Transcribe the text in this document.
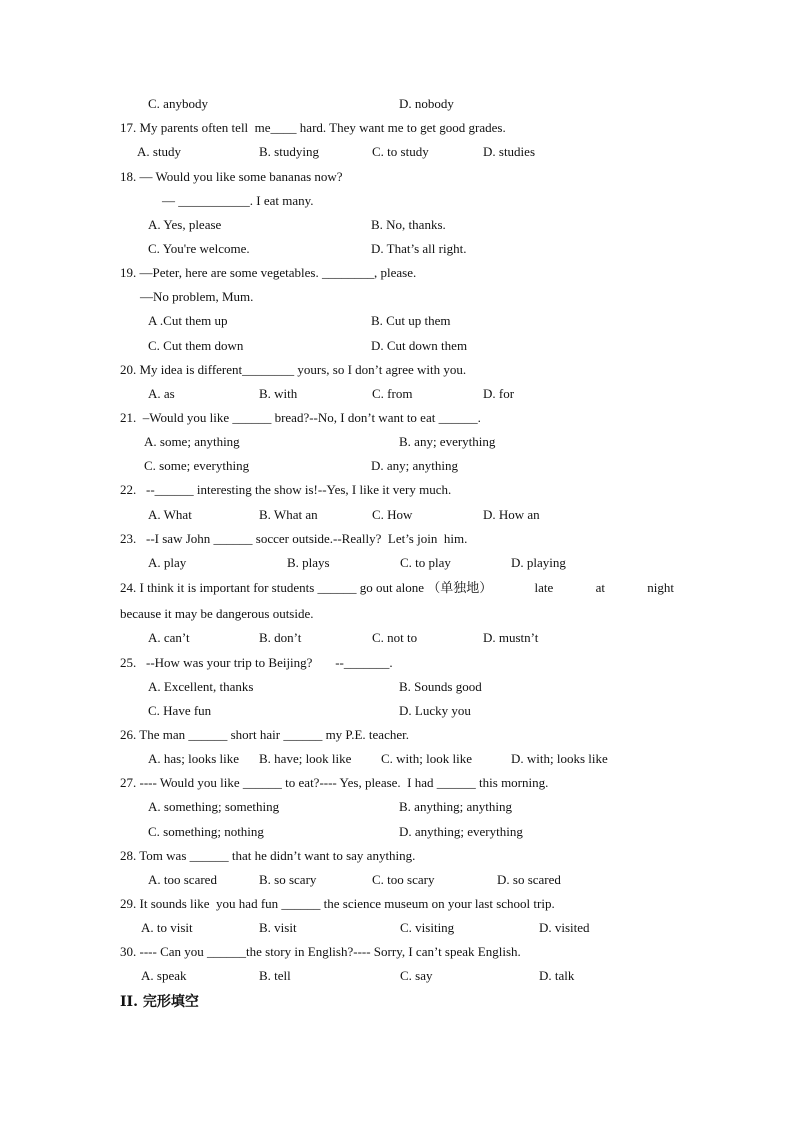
C. anybody	D. nobody
17. My parents often tell  me____ hard. They want me to get good grades.
A. study	B. studying	C. to study	D. studies
18. — Would you like some bananas now?
— ___________. I eat many.
A. Yes, please	B. No, thanks.
C. You're welcome.	D. That’s all right.
19. —Peter, here are some vegetables. ________, please.
—No problem, Mum.
A .Cut them up	B. Cut up them
C. Cut them down	D. Cut down them
20. My idea is different________ yours, so I don’t agree with you.
A. as	B. with	C. from	D. for
21.  –Would you like ______ bread?--No, I don’t want to eat ______.
A. some; anything	B. any; everything
C. some; everything	D. any; anything
22.   --______ interesting the show is!--Yes, I like it very much.
A. What	B. What an	C. How	D. How an
23.   --I saw John ______ soccer outside.--Really?  Let’s join  him.
A. play	B. plays	C. to play	D. playing
24. I think it is important for students ______ go out alone （单独地）	late	at	night
because it may be dangerous outside.
A. can’t	B. don’t	C. not to	D. mustn’t
25.   --How was your trip to Beijing?       --_______.
A. Excellent, thanks	B. Sounds good
C. Have fun	D. Lucky you
26. The man ______ short hair ______ my P.E. teacher.
A. has; looks like B. have; look like C. with; look like	D. with; looks like
27. ---- Would you like ______ to eat?---- Yes, please.  I had ______ this morning.
A. something; something	B. anything; anything
C. something; nothing	D. anything; everything
28. Tom was ______ that he didn’t want to say anything.
A. too scared	B. so scary	C. too scary	D. so scared
29. It sounds like  you had fun ______ the science museum on your last school trip.
A. to visit	B. visit	C. visiting	D. visited
30. ---- Can you ______the story in English?---- Sorry, I can’t speak English.
A. speak	B. tell	C. say	D. talk
II. 完形填空
